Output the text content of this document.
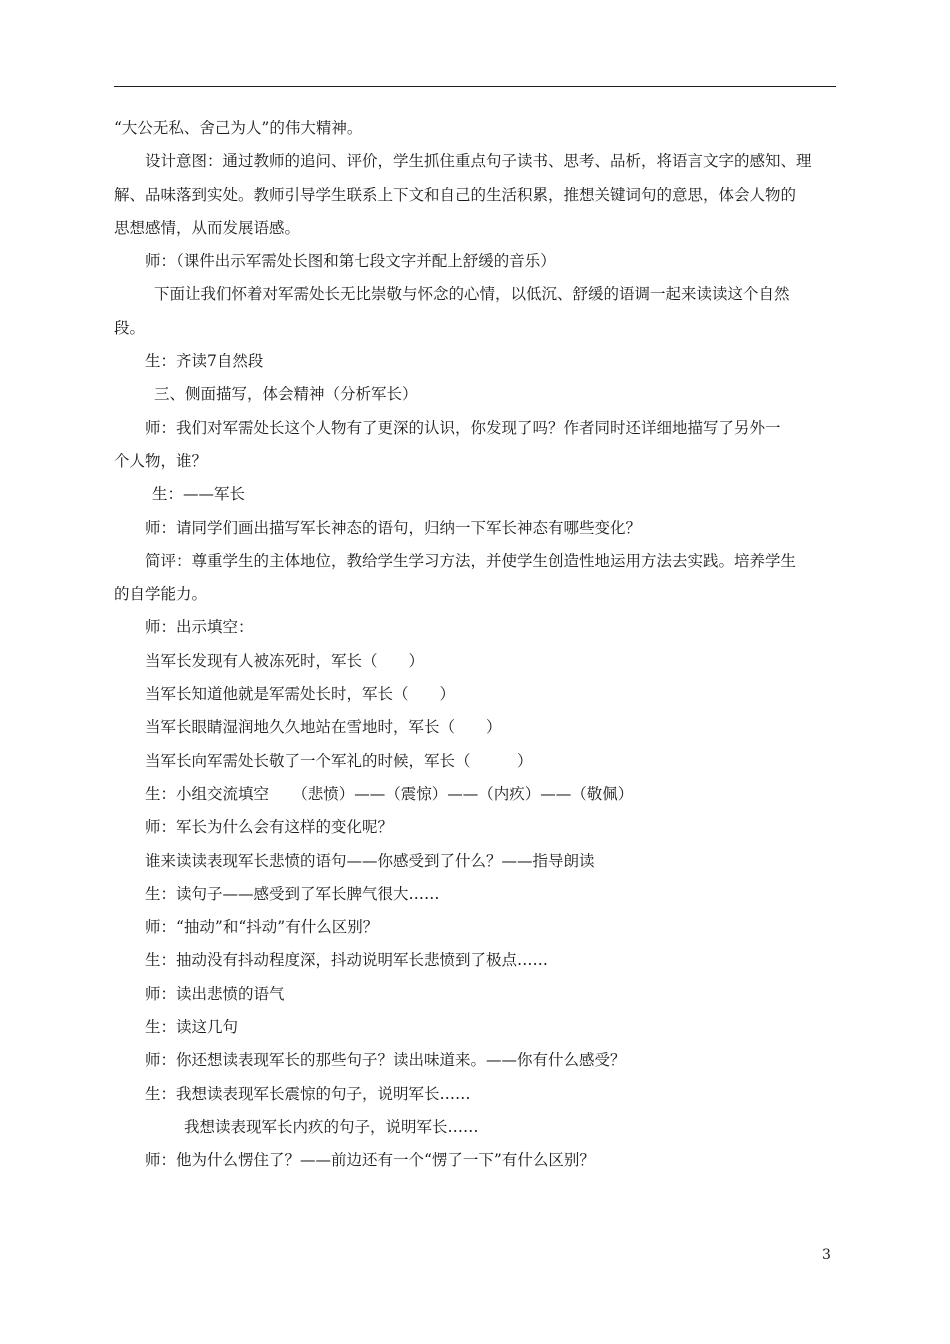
“大公无私、舍己为人”的伟大精神。
设计意图：通过教师的追问、评价，学生抓住重点句子读书、思考、品析，将语言文字的感知、理
解、品味落到实处。教师引导学生联系上下文和自己的生活积累，推想关键词句的意思，体会人物的
思想感情，从而发展语感。
师：（课件出示军需处长图和第七段文字并配上舒缓的音乐）
下面让我们怀着对军需处长无比崇敬与怀念的心情，以低沉、舒缓的语调一起来读读这个自然
段。
生：齐读7自然段
三、侧面描写，体会精神（分析军长）
师：我们对军需处长这个人物有了更深的认识，你发现了吗？作者同时还详细地描写了另外一
个人物，谁？
生：——军长
师：请同学们画出描写军长神态的语句，归纳一下军长神态有哪些变化？
简评：尊重学生的主体地位，教给学生学习方法，并使学生创造性地运用方法去实践。培养学生
的自学能力。
师：出示填空：
当军长发现有人被冻死时，军长（　　）
当军长知道他就是军需处长时，军长（　　）
当军长眼睛湿润地久久地站在雪地时，军长（　　）
当军长向军需处长敬了一个军礼的时候，军长（　　　）
生：小组交流填空　　（悲愤）——（震惊）——（内疚）——（敬佩）
师：军长为什么会有这样的变化呢？
谁来读读表现军长悲愤的语句——你感受到了什么？——指导朗读
生：读句子——感受到了军长脾气很大……
师：“抽动”和“抖动”有什么区别？
生：抽动没有抖动程度深，抖动说明军长悲愤到了极点……
师：读出悲愤的语气
生：读这几句
师：你还想读表现军长的那些句子？读出味道来。——你有什么感受？
生：我想读表现军长震惊的句子，说明军长……
我想读表现军长内疚的句子，说明军长……
师：他为什么愣住了？——前边还有一个“愣了一下”有什么区别？
3
